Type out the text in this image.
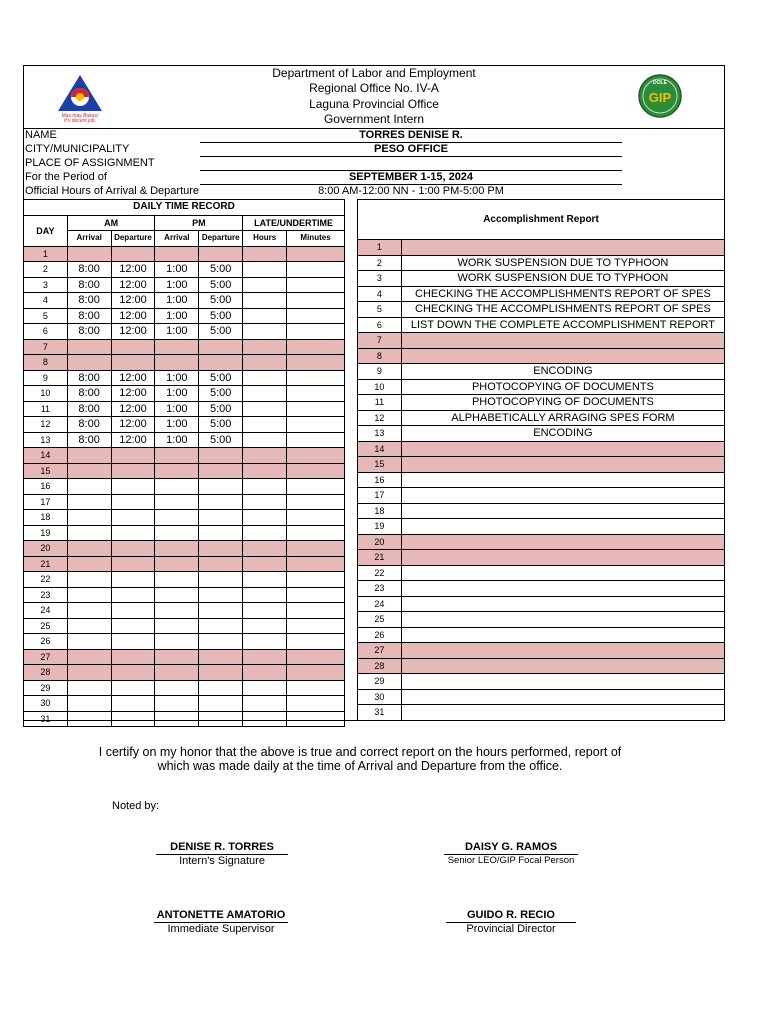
Mas may Bukas!
It's decent job.
Department of Labor and Employment
Regional Office No. IV-A
Laguna Provincial Office
Government Intern
DOLE
GIP
NAME	TORRES DENISE R.
CITY/MUNICIPALITY	PESO OFFICE
PLACE OF ASSIGNMENT
For the Period of	SEPTEMBER 1-15, 2024
Official Hours of Arrival & Departure	8:00 AM-12:00 NN - 1:00 PM-5:00 PM
DAILY TIME RECORD						
DAY	AM		PM		LATE/UNDERTIME	
	Arrival	Departure	Arrival	Departure	Hours	Minutes
1						
2	8:00	12:00	1:00	5:00		
3	8:00	12:00	1:00	5:00		
4	8:00	12:00	1:00	5:00		
5	8:00	12:00	1:00	5:00		
6	8:00	12:00	1:00	5:00		
7						
8						
9	8:00	12:00	1:00	5:00		
10	8:00	12:00	1:00	5:00		
11	8:00	12:00	1:00	5:00		
12	8:00	12:00	1:00	5:00		
13	8:00	12:00	1:00	5:00		
14						
15						
16						
17						
18						
19						
20						
21						
22						
23						
24						
25						
26						
27						
28						
29						
30						
31						
Accomplishment Report	
1	
2	WORK SUSPENSION DUE TO TYPHOON
3	WORK SUSPENSION DUE TO TYPHOON
4	CHECKING THE ACCOMPLISHMENTS REPORT OF SPES
5	CHECKING THE ACCOMPLISHMENTS REPORT OF SPES
6	LIST DOWN THE COMPLETE ACCOMPLISHMENT REPORT
7	
8	
9	ENCODING
10	PHOTOCOPYING OF DOCUMENTS
11	PHOTOCOPYING OF DOCUMENTS
12	ALPHABETICALLY ARRAGING SPES FORM
13	ENCODING
14	
15	
16	
17	
18	
19	
20	
21	
22	
23	
24	
25	
26	
27	
28	
29	
30	
31	
I certify on my honor that the above is true and correct report on the hours performed, report of
which was made daily at the time of Arrival and Departure from the office.
Noted by:
DENISE R. TORRES
Intern's Signature
DAISY G. RAMOS
Senior LEO/GIP Focal Person
ANTONETTE AMATORIO
Immediate Supervisor
GUIDO R. RECIO
Provincial Director
